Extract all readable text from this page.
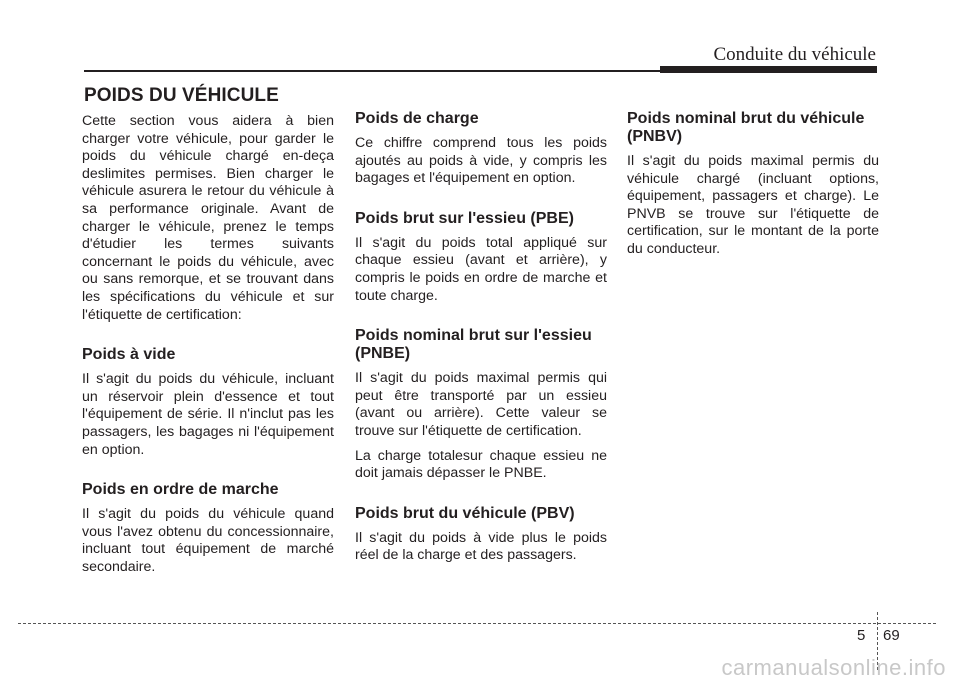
Conduite du véhicule
POIDS DU VÉHICULE

Cette section vous aidera à bien charger votre véhicule, pour garder le poids du véhicule chargé en-deça deslimites permises. Bien charger le véhicule asurera le retour du véhicule à sa performance originale. Avant de charger le véhicule, prenez le temps d'étudier les termes suivants concernant le poids du véhicule, avec ou sans remorque, et se trouvant dans les spécifications du véhicule et sur l'étiquette de certification:

Poids à vide

Il s'agit du poids du véhicule, incluant un réservoir plein d'essence et tout l'équipement de série. Il n'inclut pas les passagers, les bagages ni l'équipement en option.

Poids en ordre de marche

Il s'agit du poids du véhicule quand vous l'avez obtenu du concessionnaire, incluant tout équipement de marché secondaire.

Poids de charge

Ce chiffre comprend tous les poids ajoutés au poids à vide, y compris les bagages et l'équipement en option.

Poids brut sur l'essieu (PBE)

Il s'agit du poids total appliqué sur chaque essieu (avant et arrière), y compris le poids en ordre de marche et toute charge.

Poids nominal brut sur l'essieu (PNBE)

Il s'agit du poids maximal permis qui peut être transporté par un essieu (avant ou arrière). Cette valeur se trouve sur l'étiquette de certification.

La charge totalesur chaque essieu ne doit jamais dépasser le PNBE.

Poids brut du véhicule (PBV)

Il s'agit du poids à vide plus le poids réel de la charge et des passagers.

Poids nominal brut du véhicule (PNBV)

Il s'agit du poids maximal permis du véhicule chargé (incluant options, équipement, passagers et charge). Le PNVB se trouve sur l'étiquette de certification, sur le montant de la porte du conducteur.

5 69
carmanualsonline.info
